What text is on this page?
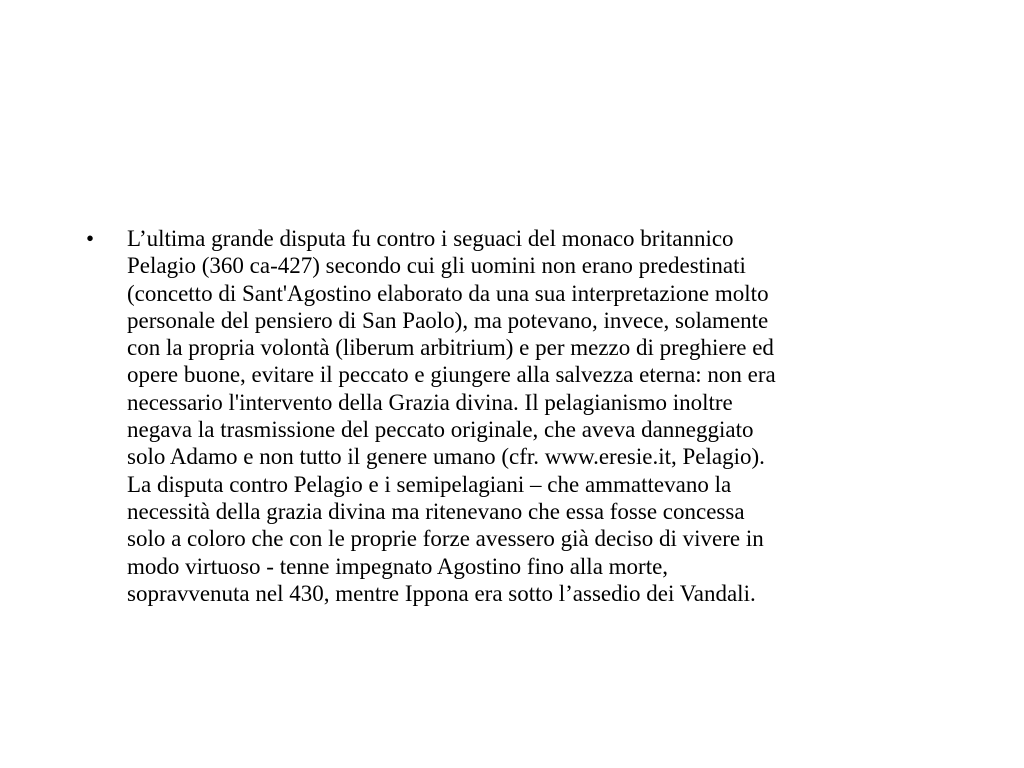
• L’ultima grande disputa fu contro i seguaci del monaco britannico
Pelagio (360 ca-427) secondo cui gli uomini non erano predestinati
(concetto di Sant'Agostino elaborato da una sua interpretazione molto
personale del pensiero di San Paolo), ma potevano, invece, solamente
con la propria volontà (liberum arbitrium) e per mezzo di preghiere ed
opere buone, evitare il peccato e giungere alla salvezza eterna: non era
necessario l'intervento della Grazia divina. Il pelagianismo inoltre
negava la trasmissione del peccato originale, che aveva danneggiato
solo Adamo e non tutto il genere umano (cfr. www.eresie.it, Pelagio).
La disputa contro Pelagio e i semipelagiani – che ammattevano la
necessità della grazia divina ma ritenevano che essa fosse concessa
solo a coloro che con le proprie forze avessero già deciso di vivere in
modo virtuoso - tenne impegnato Agostino fino alla morte,
sopravvenuta nel 430, mentre Ippona era sotto l’assedio dei Vandali.
